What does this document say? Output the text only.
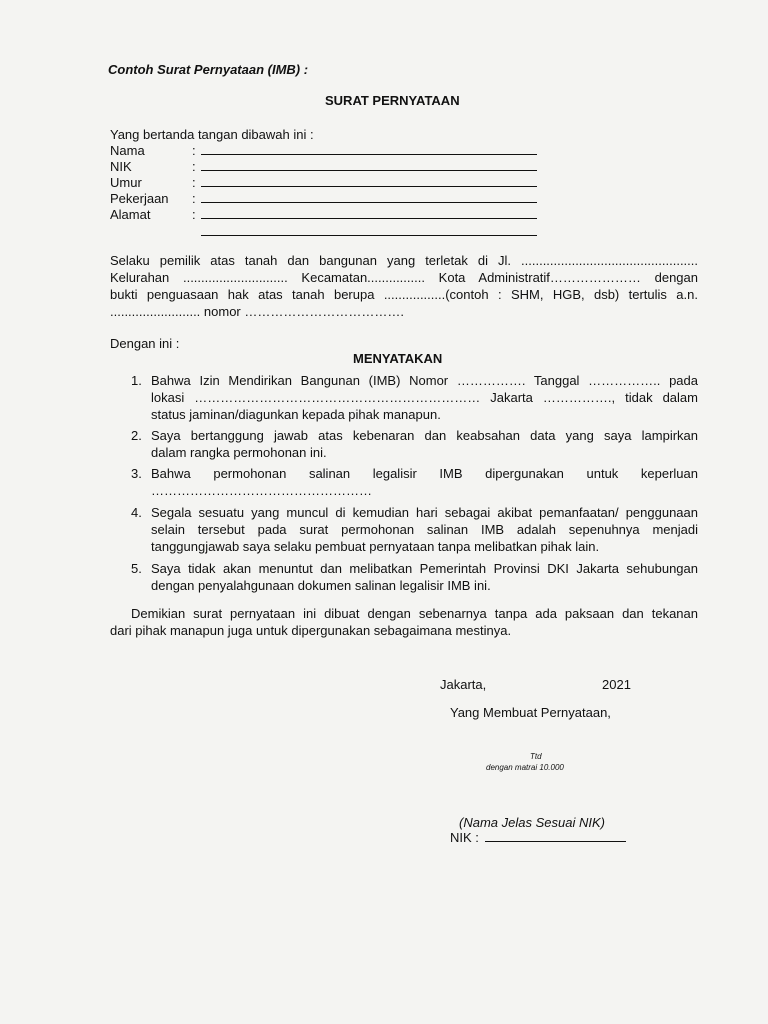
Contoh Surat Pernyataan (IMB) :
SURAT PERNYATAAN
Yang bertanda tangan dibawah ini :
Nama	:
NIK	:
Umur	:
Pekerjaan :
Alamat	:
Selaku pemilik atas tanah dan bangunan yang terletak di Jl. .................................................
Kelurahan ............................. Kecamatan................ Kota Administratif………………… dengan
bukti penguasaan hak atas tanah berupa .................(contoh : SHM, HGB, dsb) tertulis a.n.
......................... nomor ……………………………….
Dengan ini :
MENYATAKAN
1. Bahwa Izin Mendirikan Bangunan (IMB) Nomor ……………. Tanggal …………….. pada
lokasi ………………………………………………………… Jakarta ……………., tidak dalam
status jaminan/diagunkan kepada pihak manapun.
2. Saya bertanggung jawab atas kebenaran dan keabsahan data yang saya lampirkan
dalam rangka permohonan ini.
3. Bahwa permohonan salinan legalisir IMB dipergunakan untuk keperluan
……………………………………………
4. Segala sesuatu yang muncul di kemudian hari sebagai akibat pemanfaatan/ penggunaan
selain tersebut pada surat permohonan salinan IMB adalah sepenuhnya menjadi
tanggungjawab saya selaku pembuat pernyataan tanpa melibatkan pihak lain.
5. Saya tidak akan menuntut dan melibatkan Pemerintah Provinsi DKI Jakarta sehubungan
dengan penyalahgunaan dokumen salinan legalisir IMB ini.
Demikian surat pernyataan ini dibuat dengan sebenarnya tanpa ada paksaan dan tekanan
dari pihak manapun juga untuk dipergunakan sebagaimana mestinya.
Jakarta,	2021
Yang Membuat Pernyataan,
Ttd
dengan matrai 10.000
(Nama Jelas Sesuai NIK)
NIK :
